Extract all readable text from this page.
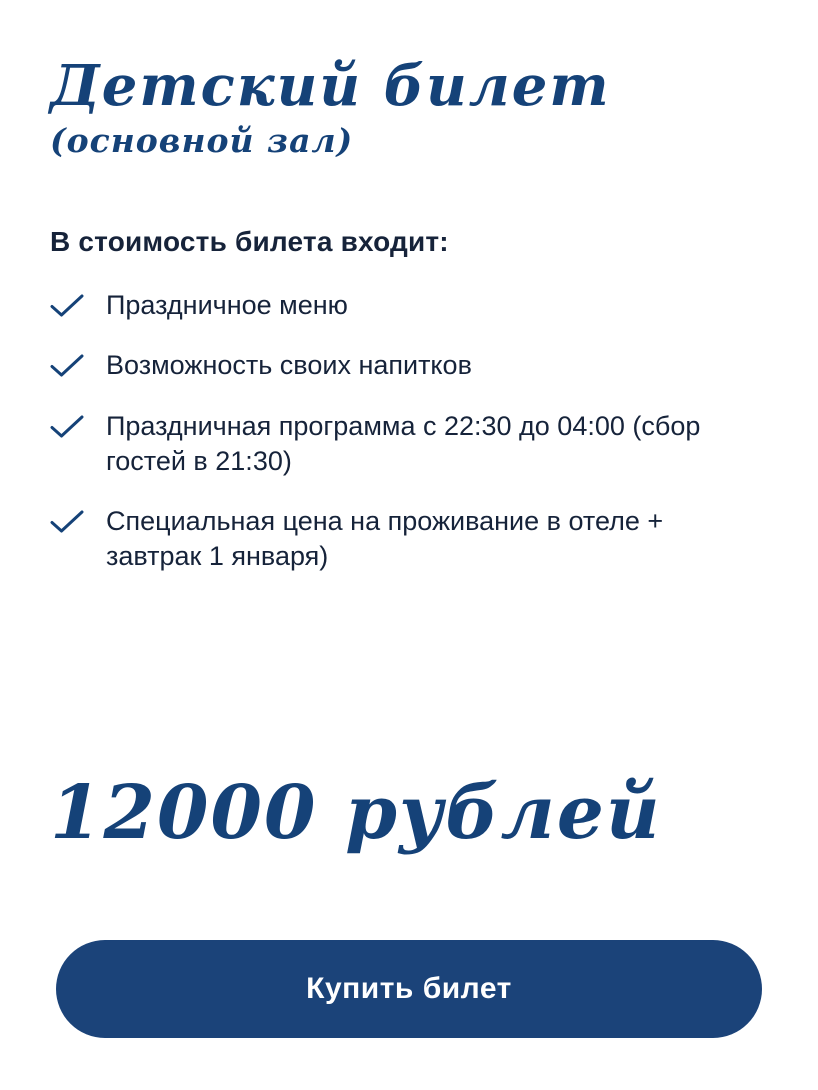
Детский билет
(основной зал)
В стоимость билета входит:
Праздничное меню
Возможность своих напитков
Праздничная программа с 22:30 до 04:00 (сбор гостей в 21:30)
Специальная цена на проживание в отеле + завтрак 1 января)
12000 рублей
Купить билет
